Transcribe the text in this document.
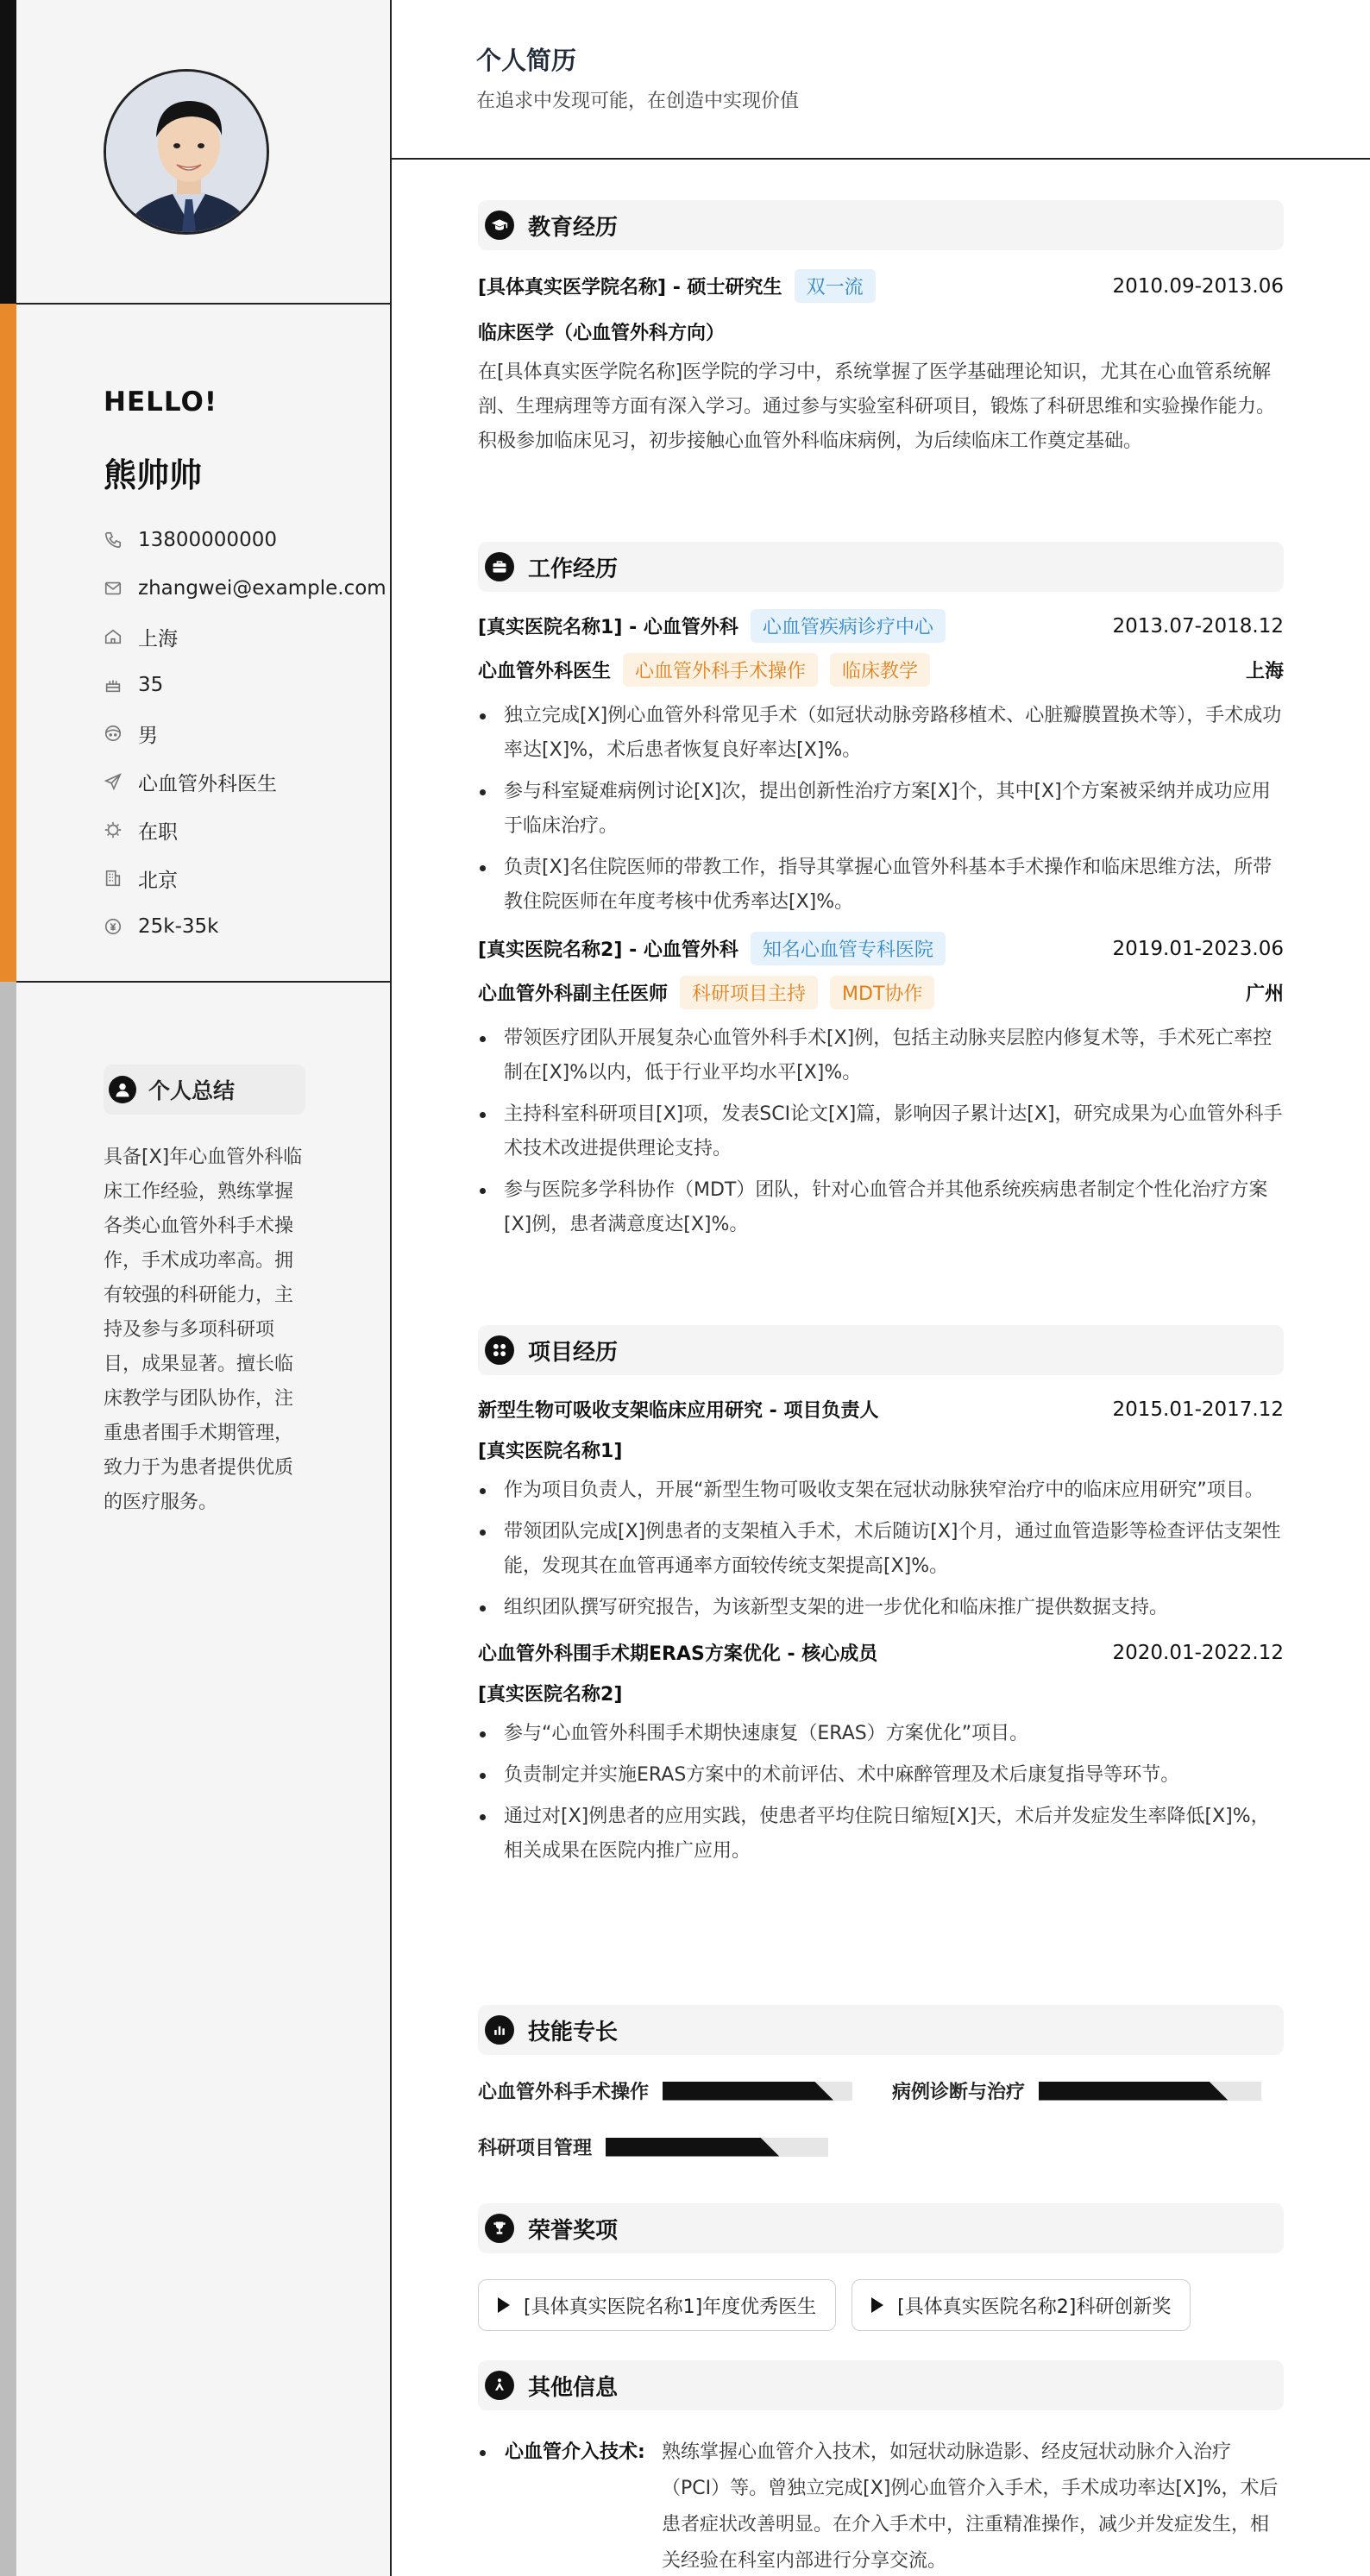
HELLO!
熊帅帅
13800000000
zhangwei@example.com
上海
35
男
心血管外科医生
在职
北京
25k-35k
个人总结
具备[X]年心血管外科临床工作经验，熟练掌握各类心血管外科手术操作，手术成功率高。拥有较强的科研能力，主持及参与多项科研项目，成果显著。擅长临床教学与团队协作，注重患者围手术期管理，致力于为患者提供优质的医疗服务。
个人简历
在追求中发现可能，在创造中实现价值
教育经历
[具体真实医学院名称] - 硕士研究生	双一流	2010.09-2013.06
临床医学（心血管外科方向）
在[具体真实医学院名称]医学院的学习中，系统掌握了医学基础理论知识，尤其在心血管系统解剖、生理病理等方面有深入学习。通过参与实验室科研项目，锻炼了科研思维和实验操作能力。积极参加临床见习，初步接触心血管外科临床病例，为后续临床工作奠定基础。
工作经历
[真实医院名称1] - 心血管外科	心血管疾病诊疗中心	2013.07-2018.12
心血管外科医生	心血管外科手术操作	临床教学	上海
独立完成[X]例心血管外科常见手术（如冠状动脉旁路移植术、心脏瓣膜置换术等），手术成功率达[X]%，术后患者恢复良好率达[X]%。
参与科室疑难病例讨论[X]次，提出创新性治疗方案[X]个，其中[X]个方案被采纳并成功应用于临床治疗。
负责[X]名住院医师的带教工作，指导其掌握心血管外科基本手术操作和临床思维方法，所带教住院医师在年度考核中优秀率达[X]%。
[真实医院名称2] - 心血管外科	知名心血管专科医院	2019.01-2023.06
心血管外科副主任医师	科研项目主持	MDT协作	广州
带领医疗团队开展复杂心血管外科手术[X]例，包括主动脉夹层腔内修复术等，手术死亡率控制在[X]%以内，低于行业平均水平[X]%。
主持科室科研项目[X]项，发表SCI论文[X]篇，影响因子累计达[X]，研究成果为心血管外科手术技术改进提供理论支持。
参与医院多学科协作（MDT）团队，针对心血管合并其他系统疾病患者制定个性化治疗方案[X]例，患者满意度达[X]%。
项目经历
新型生物可吸收支架临床应用研究 - 项目负责人	2015.01-2017.12
[真实医院名称1]
作为项目负责人，开展“新型生物可吸收支架在冠状动脉狭窄治疗中的临床应用研究”项目。
带领团队完成[X]例患者的支架植入手术，术后随访[X]个月，通过血管造影等检查评估支架性能，发现其在血管再通率方面较传统支架提高[X]%。
组织团队撰写研究报告，为该新型支架的进一步优化和临床推广提供数据支持。
心血管外科围手术期ERAS方案优化 - 核心成员	2020.01-2022.12
[真实医院名称2]
参与“心血管外科围手术期快速康复（ERAS）方案优化”项目。
负责制定并实施ERAS方案中的术前评估、术中麻醉管理及术后康复指导等环节。
通过对[X]例患者的应用实践，使患者平均住院日缩短[X]天，术后并发症发生率降低[X]%，相关成果在医院内推广应用。
技能专长
心血管外科手术操作	病例诊断与治疗
科研项目管理
荣誉奖项
[具体真实医院名称1]年度优秀医生	[具体真实医院名称2]科研创新奖
其他信息
心血管介入技术: 熟练掌握心血管介入技术，如冠状动脉造影、经皮冠状动脉介入治疗（PCI）等。曾独立完成[X]例心血管介入手术，手术成功率达[X]%，术后患者症状改善明显。在介入手术中，注重精准操作，减少并发症发生，相关经验在科室内部进行分享交流。
